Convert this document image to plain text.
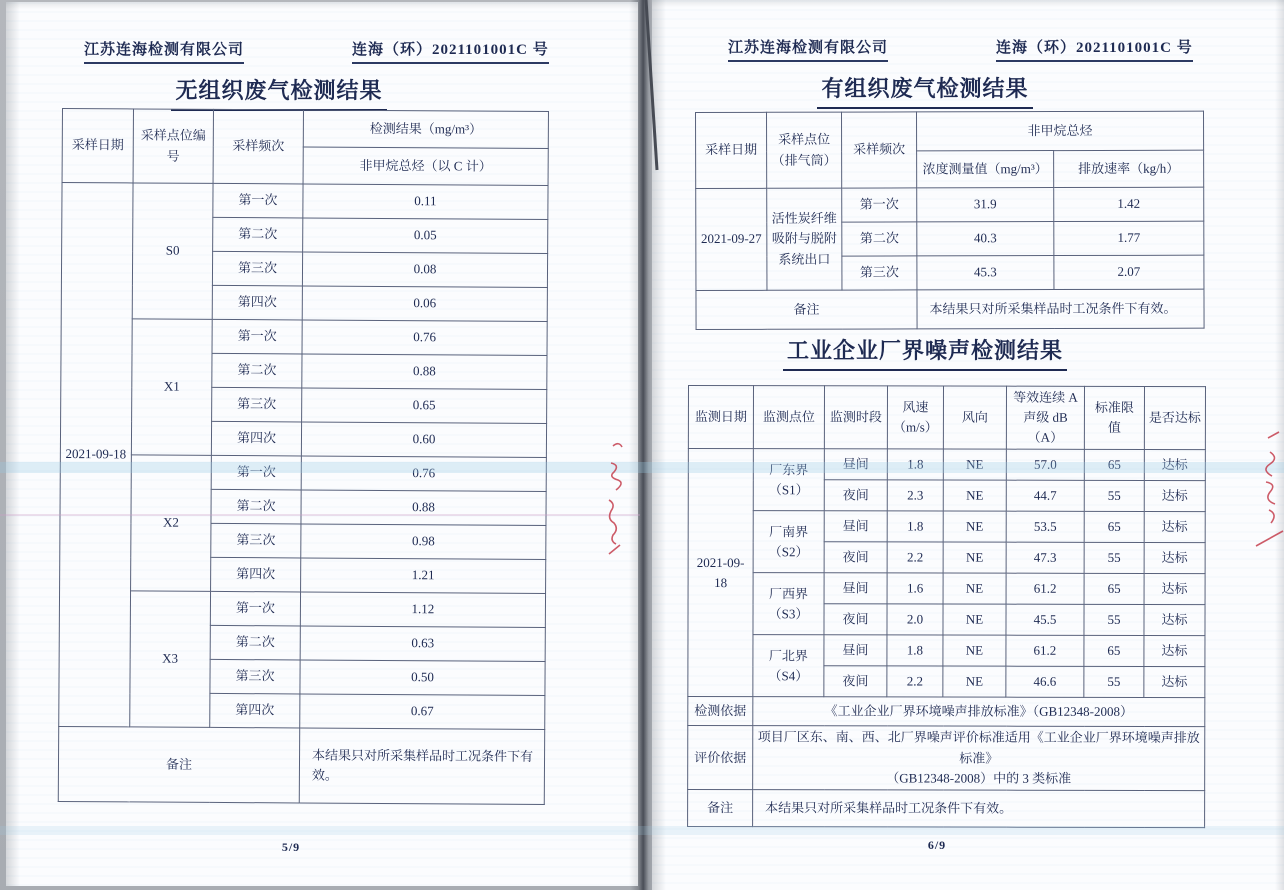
江苏连海检测有限公司	连海（环）2021101001C 号
无组织废气检测结果
采样日期	采样点位编
号	采样频次	检测结果（mg/m³）
			非甲烷总烃（以 C 计）
2021-09-18	S0	第一次	0.11
		第二次	0.05
		第三次	0.08
		第四次	0.06
	X1	第一次	0.76
		第二次	0.88
		第三次	0.65
		第四次	0.60
	X2	第一次	0.76
		第二次	0.88
		第三次	0.98
		第四次	1.21
	X3	第一次	1.12
		第二次	0.63
		第三次	0.50
		第四次	0.67
备注			本结果只对所采集样品时工况条件下有效。
5/9
江苏连海检测有限公司	连海（环）2021101001C 号
有组织废气检测结果
采样日期	采样点位
（排气筒）	采样频次	非甲烷总烃	
			浓度测量值（mg/m³）	排放速率（kg/h）
2021-09-27	活性炭纤维
吸附与脱附
系统出口	第一次	31.9	1.42
		第二次	40.3	1.77
		第三次	45.3	2.07
备注			本结果只对所采集样品时工况条件下有效。	
工业企业厂界噪声检测结果
监测日期	监测点位	监测时段	风速
（m/s）	风向	等效连续 A
声级 dB（A）	标准限值	是否达标
2021-09-18	厂东界
（S1）	昼间	1.8	NE	57.0	65	达标
		夜间	2.3	NE	44.7	55	达标
	厂南界
（S2）	昼间	1.8	NE	53.5	65	达标
		夜间	2.2	NE	47.3	55	达标
	厂西界
（S3）	昼间	1.6	NE	61.2	65	达标
		夜间	2.0	NE	45.5	55	达标
	厂北界
（S4）	昼间	1.8	NE	61.2	65	达标
		夜间	2.2	NE	46.6	55	达标
检测依据	《工业企业厂界环境噪声排放标准》（GB12348-2008）						
评价依据	项目厂区东、南、西、北厂界噪声评价标准适用《工业企业厂界环境噪声排放标准》
（GB12348-2008）中的 3 类标准						
备注	本结果只对所采集样品时工况条件下有效。						
6/9
